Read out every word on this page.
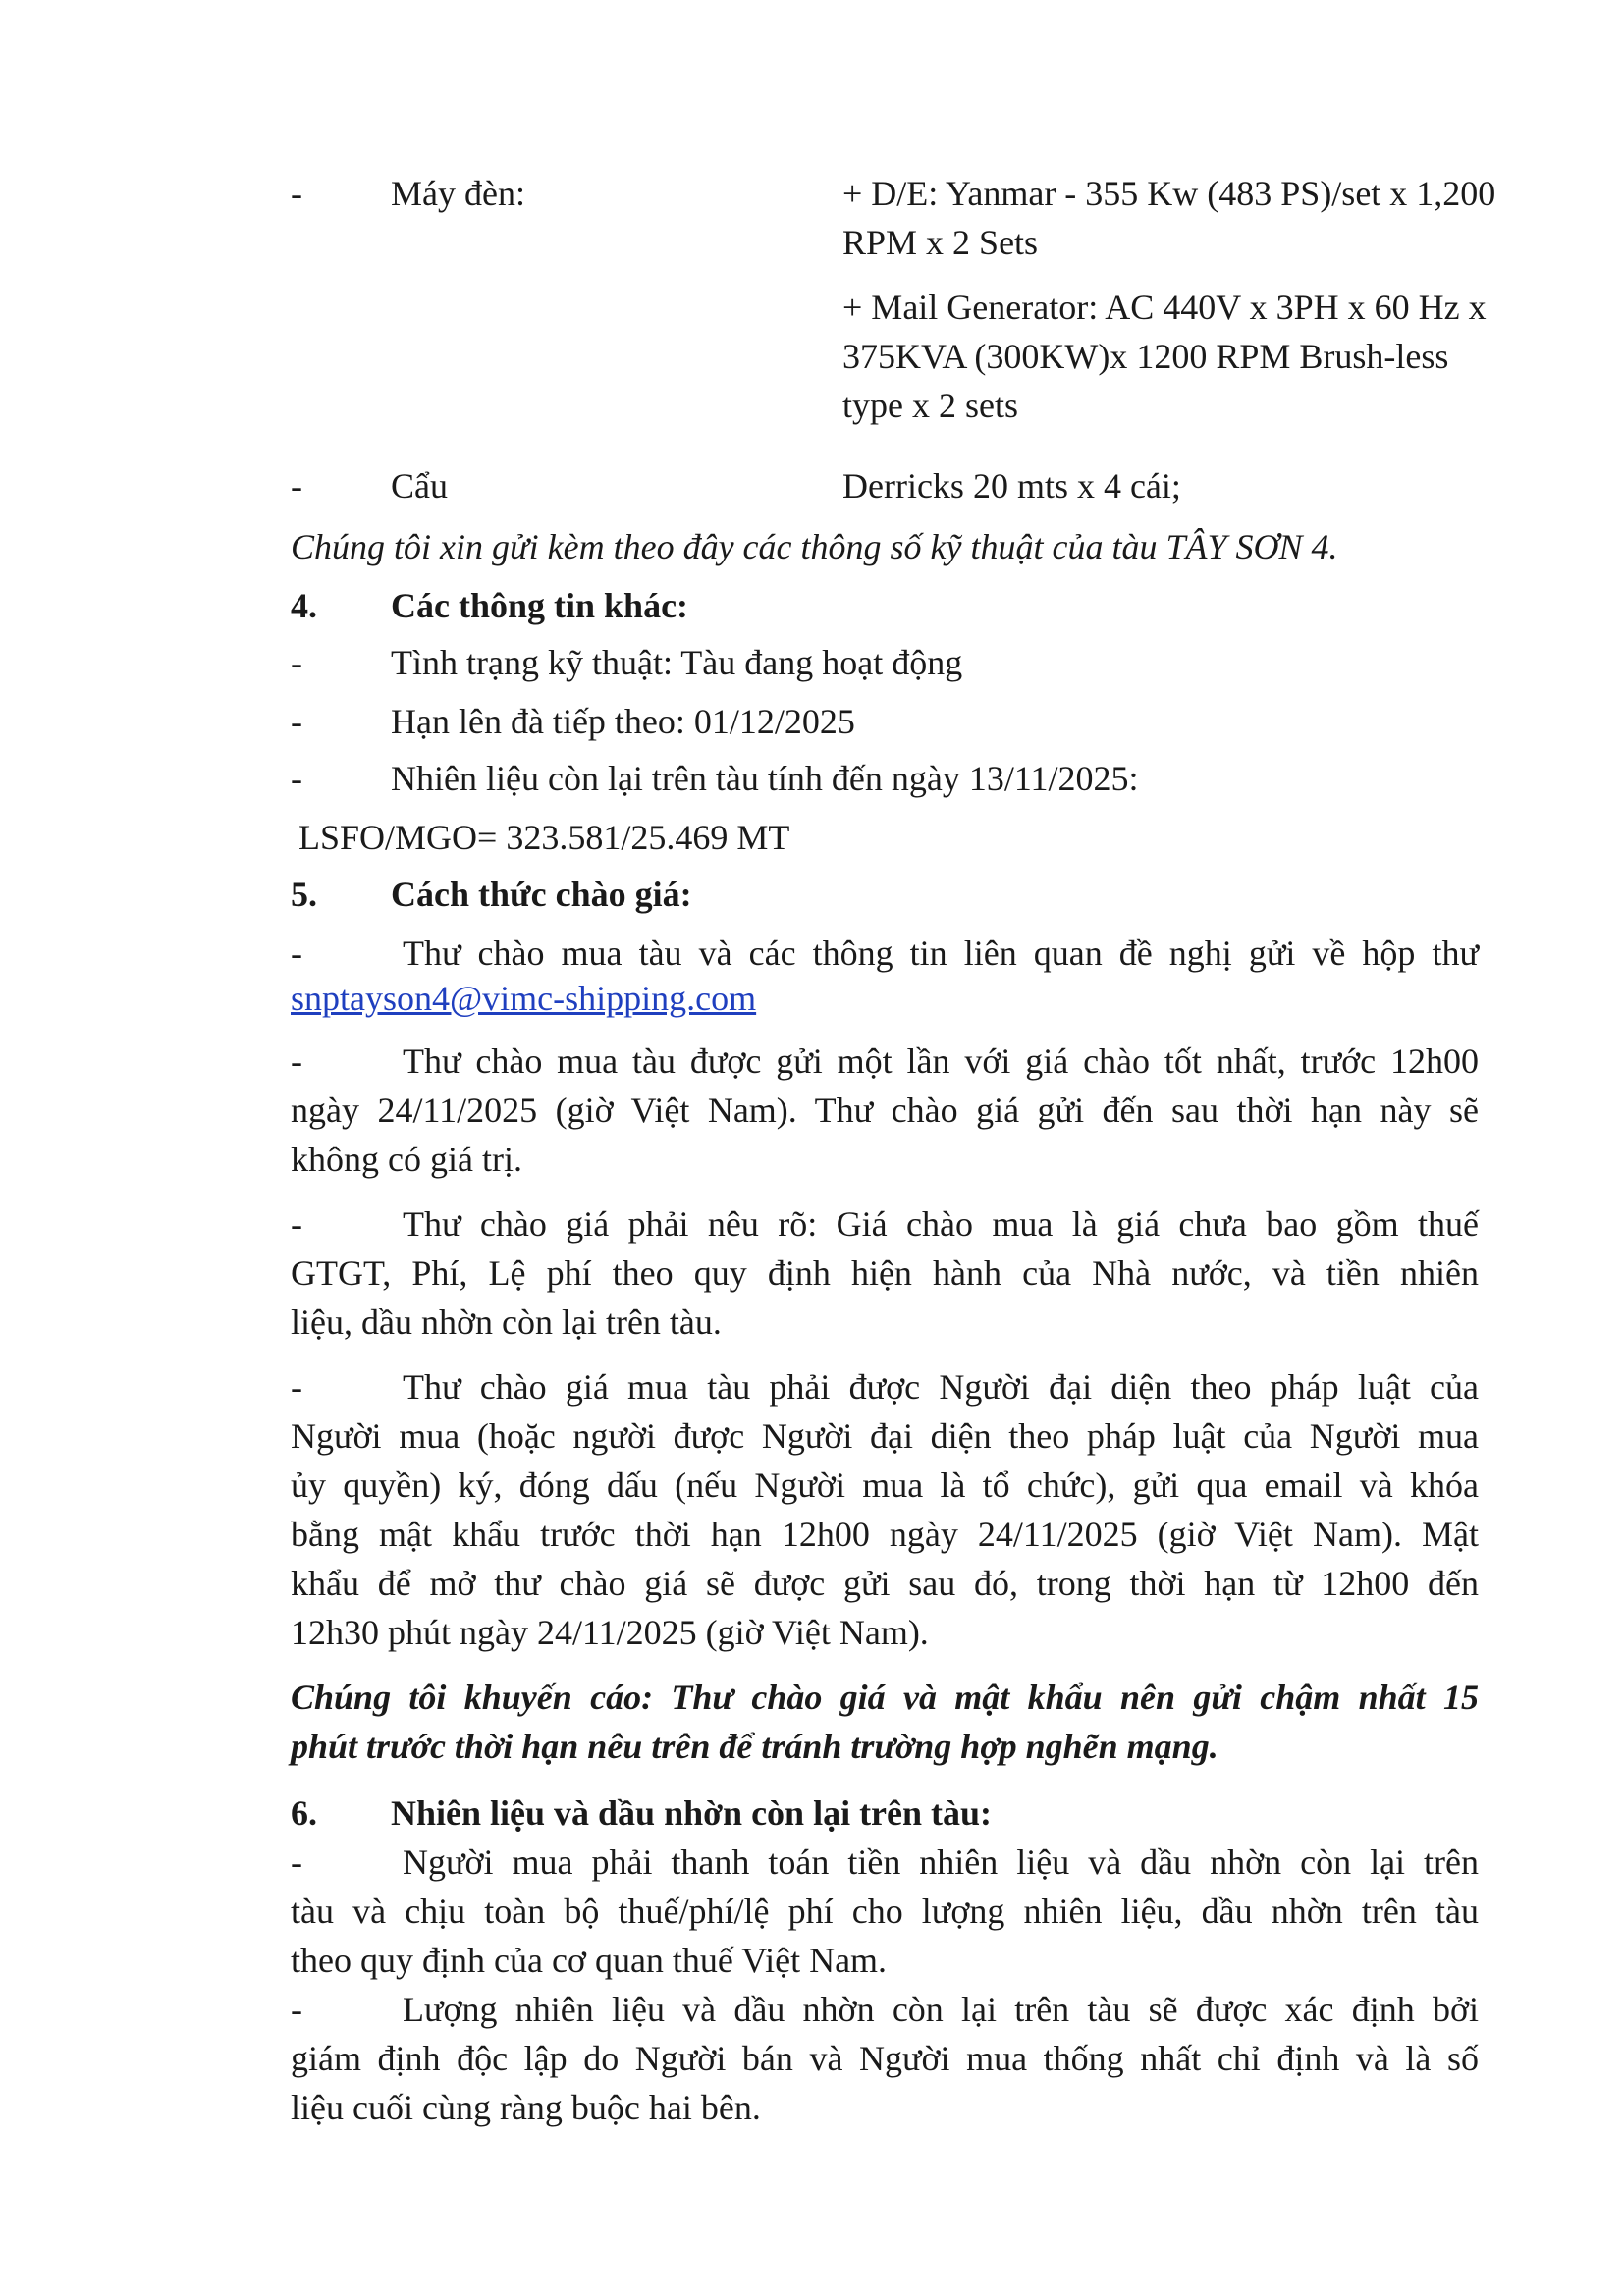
-	Máy đèn:	+ D/E: Yanmar - 355 Kw (483 PS)/set x 1,200
RPM x 2 Sets
+ Mail Generator: AC 440V x 3PH x 60 Hz x
375KVA (300KW)x 1200 RPM Brush-less
type x 2 sets
-	Cẩu	Derricks 20 mts x 4 cái;
Chúng tôi xin gửi kèm theo đây các thông số kỹ thuật của tàu TÂY SƠN 4.
4. Các thông tin khác:
-	Tình trạng kỹ thuật: Tàu đang hoạt động
-	Hạn lên đà tiếp theo: 01/12/2025
-	Nhiên liệu còn lại trên tàu tính đến ngày 13/11/2025:
LSFO/MGO= 323.581/25.469 MT
5. Cách thức chào giá:
-	Thư chào mua tàu và các thông tin liên quan đề nghị gửi về hộp thư
snptayson4@vimc-shipping.com
-	Thư chào mua tàu được gửi một lần với giá chào tốt nhất, trước 12h00
ngày 24/11/2025 (giờ Việt Nam). Thư chào giá gửi đến sau thời hạn này sẽ
không có giá trị.
-	Thư chào giá phải nêu rõ: Giá chào mua là giá chưa bao gồm thuế
GTGT, Phí, Lệ phí theo quy định hiện hành của Nhà nước, và tiền nhiên
liệu, dầu nhờn còn lại trên tàu.
-	Thư chào giá mua tàu phải được Người đại diện theo pháp luật của
Người mua (hoặc người được Người đại diện theo pháp luật của Người mua
ủy quyền) ký, đóng dấu (nếu Người mua là tổ chức), gửi qua email và khóa
bằng mật khẩu trước thời hạn 12h00 ngày 24/11/2025 (giờ Việt Nam). Mật
khẩu để mở thư chào giá sẽ được gửi sau đó, trong thời hạn từ 12h00 đến
12h30 phút ngày 24/11/2025 (giờ Việt Nam).
Chúng tôi khuyến cáo: Thư chào giá và mật khẩu nên gửi chậm nhất 15
phút trước thời hạn nêu trên để tránh trường hợp nghẽn mạng.
6. Nhiên liệu và dầu nhờn còn lại trên tàu:
-	Người mua phải thanh toán tiền nhiên liệu và dầu nhờn còn lại trên
tàu và chịu toàn bộ thuế/phí/lệ phí cho lượng nhiên liệu, dầu nhờn trên tàu
theo quy định của cơ quan thuế Việt Nam.
-	Lượng nhiên liệu và dầu nhờn còn lại trên tàu sẽ được xác định bởi
giám định độc lập do Người bán và Người mua thống nhất chỉ định và là số
liệu cuối cùng ràng buộc hai bên.
